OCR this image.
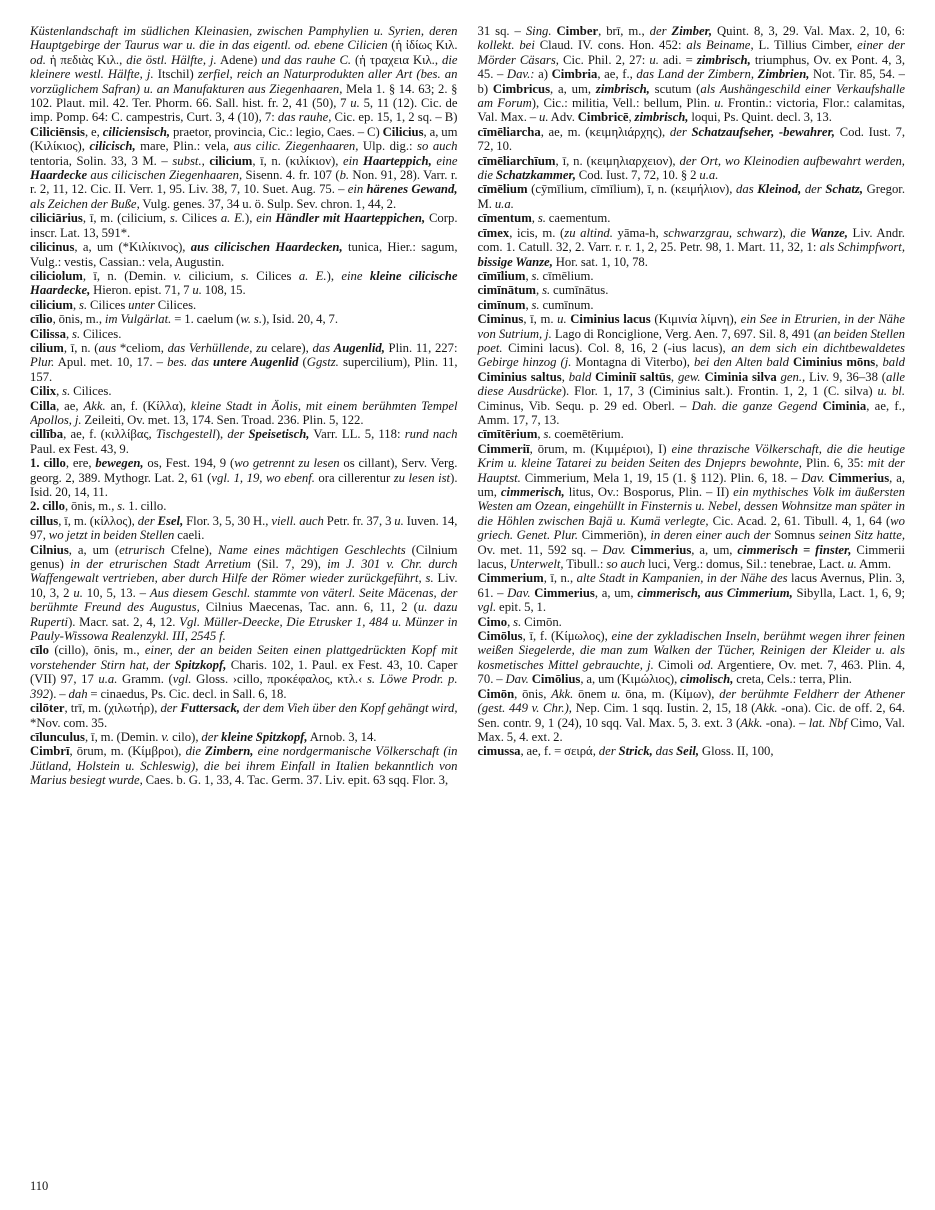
Küstenlandschaft im südlichen Kleinasien, zwischen Pamphylien u. Syrien, deren Hauptgebirge der Taurus war u. die in das eigentl. od. ebene Cilicien (ἡ ἰδίως Κιλ. od. ἡ πεδιὰς Κιλ., die östl. Hälfte, j. Adene) und das rauhe C. (ἡ τραχεια Κιλ., die kleinere westl. Hälfte, j. Itschil) zerfiel, reich an Naturprodukten aller Art (bes. an vorzüglichem Safran) u. an Manufakturen aus Ziegenhaaren, Mela 1. § 14. 63; 2. § 102. Plaut. mil. 42. Ter. Phorm. 66. Sall. hist. fr. 2, 41 (50), 7 u. 5, 11 (12). Cic. de imp. Pomp. 64: C. campestris, Curt. 3, 4 (10), 7: das rauhe, Cic. ep. 15, 1, 2 sq. – B) Ciliciēnsis, e, ciliciensisch, praetor, provincia, Cic.: legio, Caes. – C) Cilicius, a, um (Κιλίκιος), cilicisch, mare, Plin.: vela, aus cilic. Ziegenhaaren, Ulp. dig.: so auch tentoria, Solin. 33, 3 M. – subst., cilicium, ī, n. (κιλίκιον), ein Haarteppich, eine Haardecke aus cilicischen Ziegenhaaren, Sisenn. 4. fr. 107 (b. Non. 91, 28). Varr. r. r. 2, 11, 12. Cic. II. Verr. 1, 95. Liv. 38, 7, 10. Suet. Aug. 75. – ein härenes Gewand, als Zeichen der Buße, Vulg. genes. 37, 34 u. ö. Sulp. Sev. chron. 1, 44, 2.

ciliciārius, ī, m. (cilicium, s. Cilices a. E.), ein Händler mit Haarteppichen, Corp. inscr. Lat. 13, 591*.

cilicinus, a, um (*Κιλίκινος), aus cilicischen Haardecken, tunica, Hier.: sagum, Vulg.: vestis, Cassian.: vela, Augustin.

ciliciolum, ī, n. (Demin. v. cilicium, s. Cilices a. E.), eine kleine cilicische Haardecke, Hieron. epist. 71, 7 u. 108, 15.

cilicium, s. Cilices unter Cilices.

cīlio, ōnis, m., im Vulgärlat. = 1. caelum (w. s.), Isid. 20, 4, 7.

Cilissa, s. Cilices.

cilium, ī, n. (aus *celiom, das Verhüllende, zu celare), das Augenlid, Plin. 11, 227: Plur. Apul. met. 10, 17. – bes. das untere Augenlid (Ggstz. supercilium), Plin. 11, 157.

Cilix, s. Cilices.

Cilla, ae, Akk. an, f. (Κίλλα), kleine Stadt in Äolis, mit einem berühmten Tempel Apollos, j. Zeileiti, Ov. met. 13, 174. Sen. Troad. 236. Plin. 5, 122.

cillība, ae, f. (κιλλίβας, Tischgestell), der Speisetisch, Varr. LL. 5, 118: rund nach Paul. ex Fest. 43, 9.

1. cillo, ere, bewegen, os, Fest. 194, 9 (wo getrennt zu lesen os cillant), Serv. Verg. georg. 2, 389. Mythogr. Lat. 2, 61 (vgl. 1, 19, wo ebenf. ora cillerentur zu lesen ist). Isid. 20, 14, 11.

2. cillo, ōnis, m., s. 1. cillo.

cillus, ī, m. (κίλλος), der Esel, Flor. 3, 5, 30 H., viell. auch Petr. fr. 37, 3 u. Iuven. 14, 97, wo jetzt in beiden Stellen caeli.

Cilnius, a, um (etrurisch Cfelne), Name eines mächtigen Geschlechts (Cilnium genus) in der etrurischen Stadt Arretium (Sil. 7, 29), im J. 301 v. Chr. durch Waffengewalt vertrieben, aber durch Hilfe der Römer wieder zurückgeführt, s. Liv. 10, 3, 2 u. 10, 5, 13. – Aus diesem Geschl. stammte von väterl. Seite Mäcenas, der berühmte Freund des Augustus, Cilnius Maecenas, Tac. ann. 6, 11, 2 (u. dazu Ruperti). Macr. sat. 2, 4, 12. Vgl. Müller-Deecke, Die Etrusker 1, 484 u. Münzer in Pauly-Wissowa Realenzykl. III, 2545 f.

cīlo (cillo), ōnis, m., einer, der an beiden Seiten einen plattgedrückten Kopf mit vorstehender Stirn hat, der Spitzkopf, Charis. 102, 1. Paul. ex Fest. 43, 10. Caper (VII) 97, 17 u.a. Gramm. (vgl. Gloss. ›cillo, προκέφαλος, κτλ.‹ s. Löwe Prodr. p. 392). – dah = cinaedus, Ps. Cic. decl. in Sall. 6, 18.

cilōter, trī, m. (χιλωτήρ), der Futtersack, der dem Vieh über den Kopf gehängt wird, *Nov. com. 35.

cīlunculus, ī, m. (Demin. v. cilo), der kleine Spitzkopf, Arnob. 3, 14.

Cimbrī, ōrum, m. (Κίμβροι), die Zimbern, eine nordgermanische Völkerschaft (in Jütland, Holstein u. Schleswig), die bei ihrem Einfall in Italien bekanntlich von Marius besiegt wurde, Caes. b. G. 1, 33, 4. Tac. Germ. 37. Liv. epit. 63 sqq. Flor. 3,

31 sq. – Sing. Cimber, brī, m., der Zimber, Quint. 8, 3, 29. Val. Max. 2, 10, 6: kollekt. bei Claud. IV. cons. Hon. 452: als Beiname, L. Tillius Cimber, einer der Mörder Cäsars, Cic. Phil. 2, 27: u. adi. = zimbrisch, triumphus, Ov. ex Pont. 4, 3, 45. – Dav.: a) Cimbria, ae, f., das Land der Zimbern, Zimbrien, Not. Tir. 85, 54. – b) Cimbricus, a, um, zimbrisch, scutum (als Aushängeschild einer Verkaufshalle am Forum), Cic.: militia, Vell.: bellum, Plin. u. Frontin.: victoria, Flor.: calamitas, Val. Max. – u. Adv. Cimbricē, zimbrisch, loqui, Ps. Quint. decl. 3, 13.

cīmēliarcha, ae, m. (κειμηλιάρχης), der Schatzaufseher, -bewahrer, Cod. Iust. 7, 72, 10.

cīmēliarchīum, ī, n. (κειμηλιαρχειον), der Ort, wo Kleinodien aufbewahrt werden, die Schatzkammer, Cod. Iust. 7, 72, 10. § 2 u.a.

cīmēlium (cȳmīlium, cīmīlium), ī, n. (κειμήλιον), das Kleinod, der Schatz, Gregor. M. u.a.

cīmentum, s. caementum.

cīmex, icis, m. (zu altind. yāma-h, schwarzgrau, schwarz), die Wanze, Liv. Andr. com. 1. Catull. 32, 2. Varr. r. r. 1, 2, 25. Petr. 98, 1. Mart. 11, 32, 1: als Schimpfwort, bissige Wanze, Hor. sat. 1, 10, 78.

cīmīlium, s. cīmēlium.

cimīnātum, s. cumīnātus.

cimīnum, s. cumīnum.

Ciminus, ī, m. u. Ciminius lacus (Κιμινία λίμνη), ein See in Etrurien, in der Nähe von Sutrium, j. Lago di Ronciglione, Verg. Aen. 7, 697. Sil. 8, 491 (an beiden Stellen poet. Cimini lacus). Col. 8, 16, 2 (-ius lacus), an dem sich ein dichtbewaldetes Gebirge hinzog (j. Montagna di Viterbo), bei den Alten bald Ciminius mōns, bald Ciminius saltus, bald Ciminiī saltūs, gew. Ciminia silva gen., Liv. 9, 36–38 (alle diese Ausdrücke). Flor. 1, 17, 3 (Ciminius salt.). Frontin. 1, 2, 1 (C. silva) u. bl. Ciminus, Vib. Sequ. p. 29 ed. Oberl. – Dah. die ganze Gegend Ciminia, ae, f., Amm. 17, 7, 13.

cīmītērium, s. coemētērium.

Cimmeriī, ōrum, m. (Κιμμέριοι), I) eine thrazische Völkerschaft, die die heutige Krim u. kleine Tatarei zu beiden Seiten des Dnjeprs bewohnte, Plin. 6, 35: mit der Hauptst. Cimmerium, Mela 1, 19, 15 (1. § 112). Plin. 6, 18. – Dav. Cimmerius, a, um, cimmerisch, litus, Ov.: Bosporus, Plin. – II) ein mythisches Volk im äußersten Westen am Ozean, eingehüllt in Finsternis u. Nebel, dessen Wohnsitze man später in die Höhlen zwischen Bajä u. Kumä verlegte, Cic. Acad. 2, 61. Tibull. 4, 1, 64 (wo griech. Genet. Plur. Cimmeriōn), in deren einer auch der Somnus seinen Sitz hatte, Ov. met. 11, 592 sq. – Dav. Cimmerius, a, um, cimmerisch = finster, Cimmerii lacus, Unterwelt, Tibull.: so auch luci, Verg.: domus, Sil.: tenebrae, Lact. u. Amm.

Cimmerium, ī, n., alte Stadt in Kampanien, in der Nähe des lacus Avernus, Plin. 3, 61. – Dav. Cimmerius, a, um, cimmerisch, aus Cimmerium, Sibylla, Lact. 1, 6, 9; vgl. epit. 5, 1.

Cimo, s. Cimōn.

Cimōlus, ī, f. (Κίμωλος), eine der zykladischen Inseln, berühmt wegen ihrer feinen weißen Siegelerde, die man zum Walken der Tücher, Reinigen der Kleider u. als kosmetisches Mittel gebrauchte, j. Cimoli od. Argentiere, Ov. met. 7, 463. Plin. 4, 70. – Dav. Cimōlius, a, um (Κιμώλιος), cimolisch, creta, Cels.: terra, Plin.

Cimōn, ōnis, Akk. ōnem u. ōna, m. (Κίμων), der berühmte Feldherr der Athener (gest. 449 v. Chr.), Nep. Cim. 1 sqq. Iustin. 2, 15, 18 (Akk. -ona). Cic. de off. 2, 64. Sen. contr. 9, 1 (24), 10 sqq. Val. Max. 5, 3. ext. 3 (Akk. -ona). – lat. Nbf Cimo, Val. Max. 5, 4. ext. 2.

cimussa, ae, f. = σειρά, der Strick, das Seil, Gloss. II, 100,

110
